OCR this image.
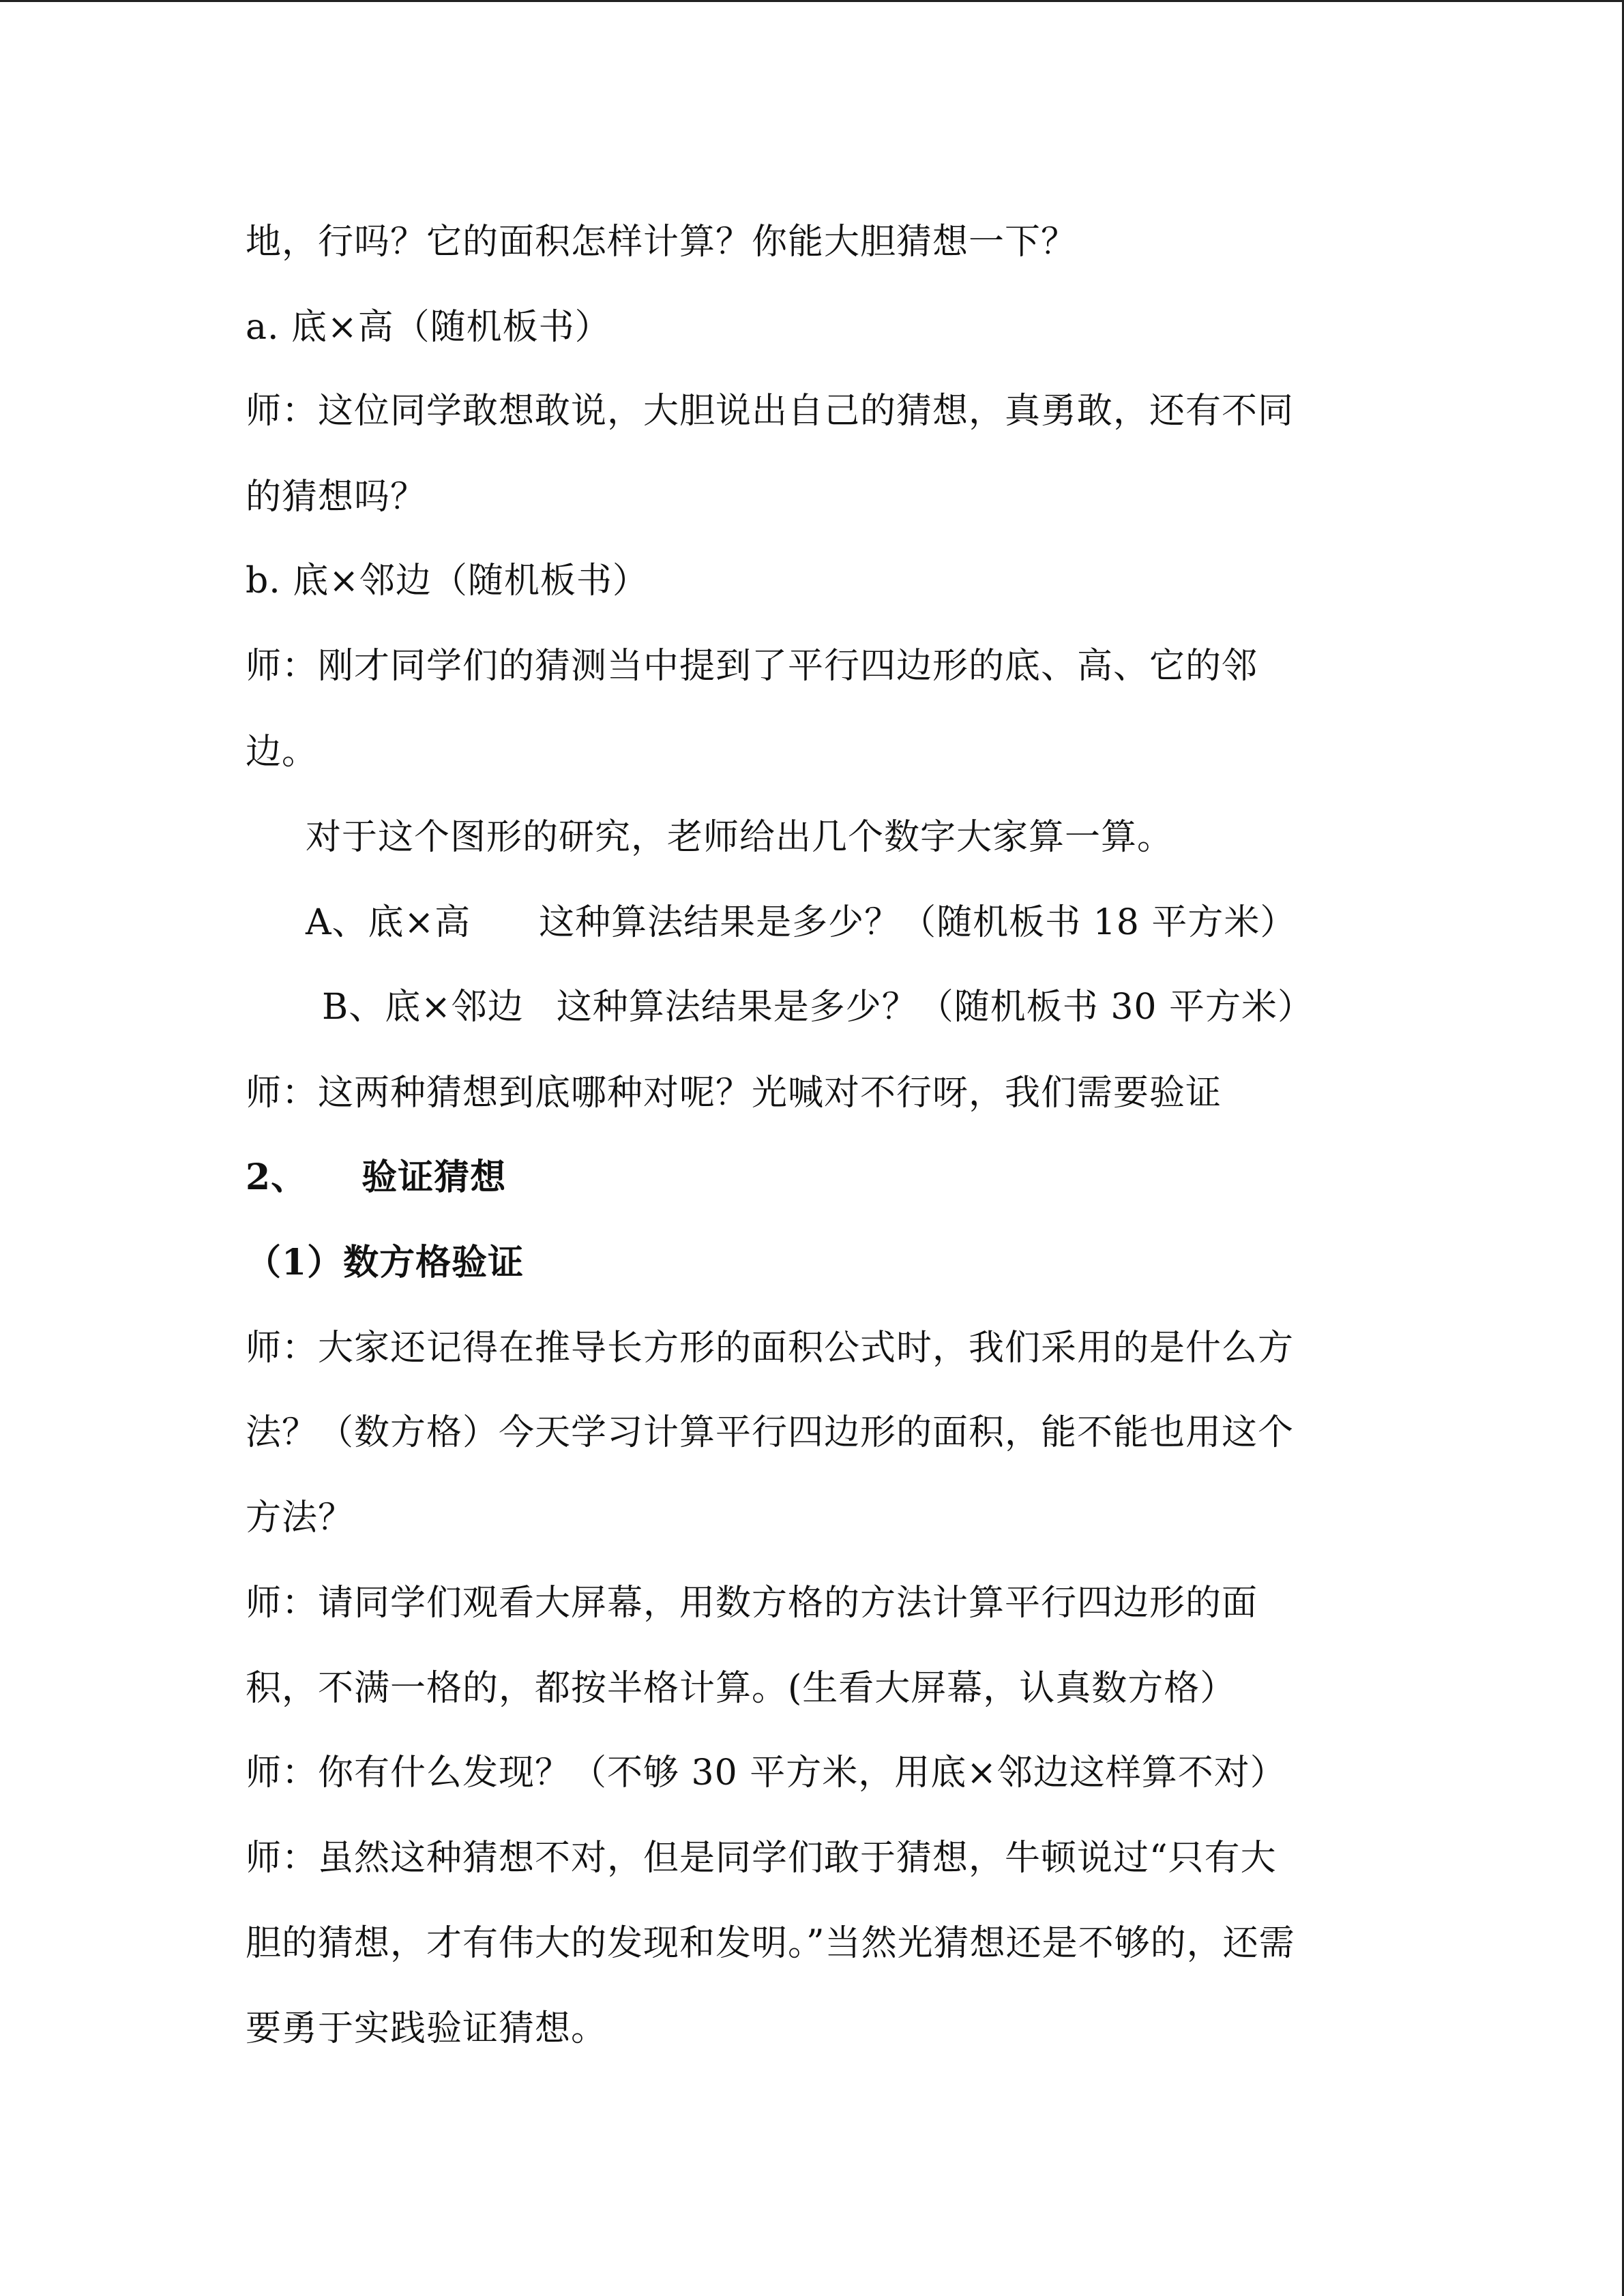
地，行吗？它的面积怎样计算？你能大胆猜想一下？
a. 底×高（随机板书）
师：这位同学敢想敢说，大胆说出自己的猜想，真勇敢，还有不同
的猜想吗？
b. 底×邻边（随机板书）
师：刚才同学们的猜测当中提到了平行四边形的底、高、它的邻
边。
对于这个图形的研究，老师给出几个数字大家算一算。
A、底×高 这种算法结果是多少？（随机板书 18 平方米）
B、底×邻边 这种算法结果是多少？（随机板书 30 平方米）
师：这两种猜想到底哪种对呢？光喊对不行呀，我们需要验证
2、 验证猜想
（1）数方格验证
师：大家还记得在推导长方形的面积公式时，我们采用的是什么方
法？（数方格）今天学习计算平行四边形的面积，能不能也用这个
方法？
师：请同学们观看大屏幕，用数方格的方法计算平行四边形的面
积，不满一格的，都按半格计算。(生看大屏幕，认真数方格）
师：你有什么发现？（不够 30 平方米，用底×邻边这样算不对）
师：虽然这种猜想不对，但是同学们敢于猜想，牛顿说过“只有大
胆的猜想，才有伟大的发现和发明。”当然光猜想还是不够的，还需
要勇于实践验证猜想。
